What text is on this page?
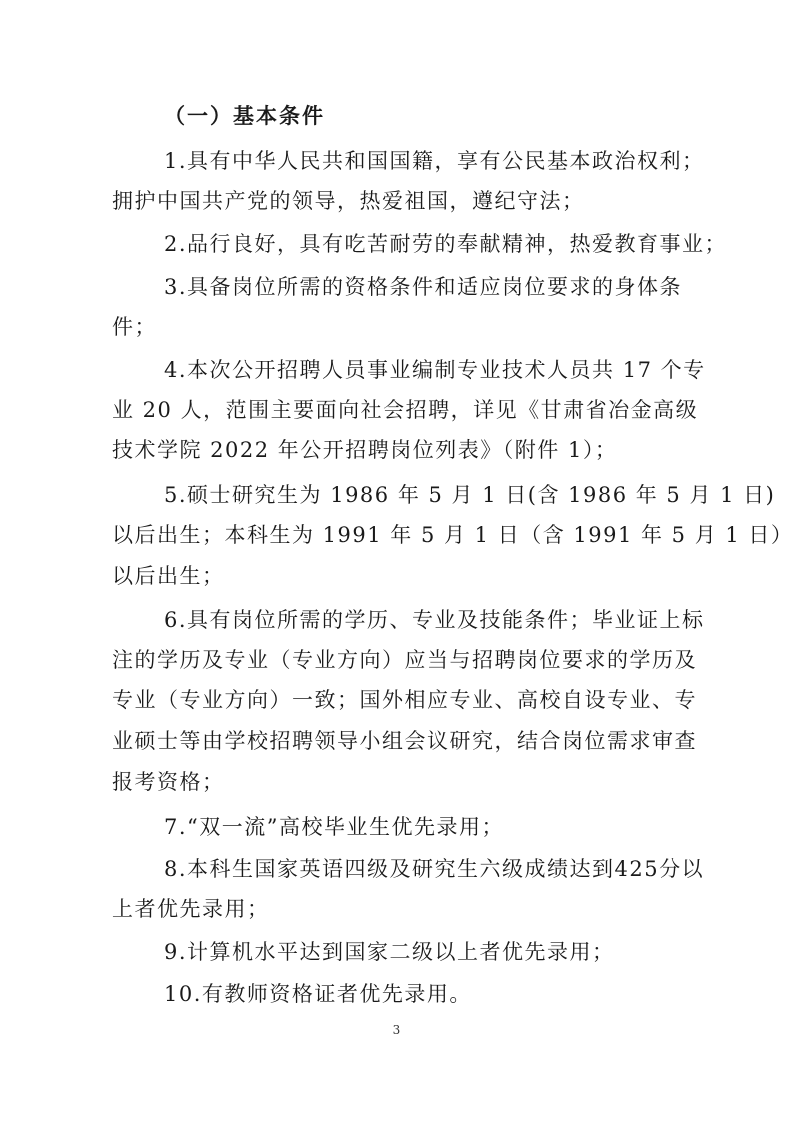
（一）基本条件
1.具有中华人民共和国国籍，享有公民基本政治权利；
拥护中国共产党的领导，热爱祖国，遵纪守法；
2.品行良好，具有吃苦耐劳的奉献精神，热爱教育事业；
3.具备岗位所需的资格条件和适应岗位要求的身体条
件；
4.本次公开招聘人员事业编制专业技术人员共 17 个专
业 20 人，范围主要面向社会招聘，详见《甘肃省冶金高级
技术学院 2022 年公开招聘岗位列表》（附件 1）；
5.硕士研究生为 1986 年 5 月 1 日(含 1986 年 5 月 1 日)
以后出生；本科生为 1991 年 5 月 1 日（含 1991 年 5 月 1 日）
以后出生；
6.具有岗位所需的学历、专业及技能条件；毕业证上标
注的学历及专业（专业方向）应当与招聘岗位要求的学历及
专业（专业方向）一致；国外相应专业、高校自设专业、专
业硕士等由学校招聘领导小组会议研究，结合岗位需求审查
报考资格；
7.“双一流”高校毕业生优先录用；
8.本科生国家英语四级及研究生六级成绩达到425分以
上者优先录用；
9.计算机水平达到国家二级以上者优先录用；
10.有教师资格证者优先录用。
3
